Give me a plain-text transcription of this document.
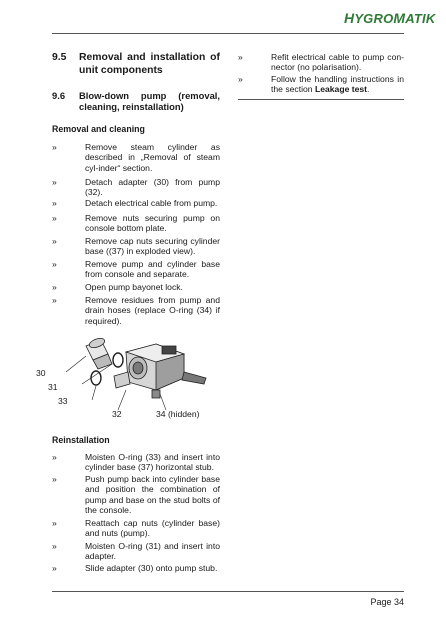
HYGROMATIK
9.5 Removal and installation of
unit components
9.6 Blow-down pump (removal,
cleaning, reinstallation)
Removal and cleaning
»	Remove steam cylinder as described in „Removal of steam cyl-inder“ section.
»	Detach adapter (30) from pump (32).
»	Detach electrical cable from pump.
»	Remove nuts securing pump on console bottom plate.
»	Remove cap nuts securing cylinder base ((37) in exploded view).
»	Remove pump and cylinder base from console and separate.
»	Open pump bayonet lock.
»	Remove residues from pump and drain hoses (replace O-ring (34) if required).
Reinstallation
»	Moisten O-ring (33) and insert into cylinder base (37) horizontal stub.
»	Push pump back into cylinder base and position the combination of pump and base on the stud bolts of the console.
»	Reattach cap nuts (cylinder base) and nuts (pump).
»	Moisten O-ring (31) and insert into adapter.
»	Slide adapter (30) onto pump stub.
30
31
33
32	34 (hidden)
»	Refit electrical cable to pump con-nector (no polarisation).
»	Follow the handling instructions in the section Leakage test.
Page 34
